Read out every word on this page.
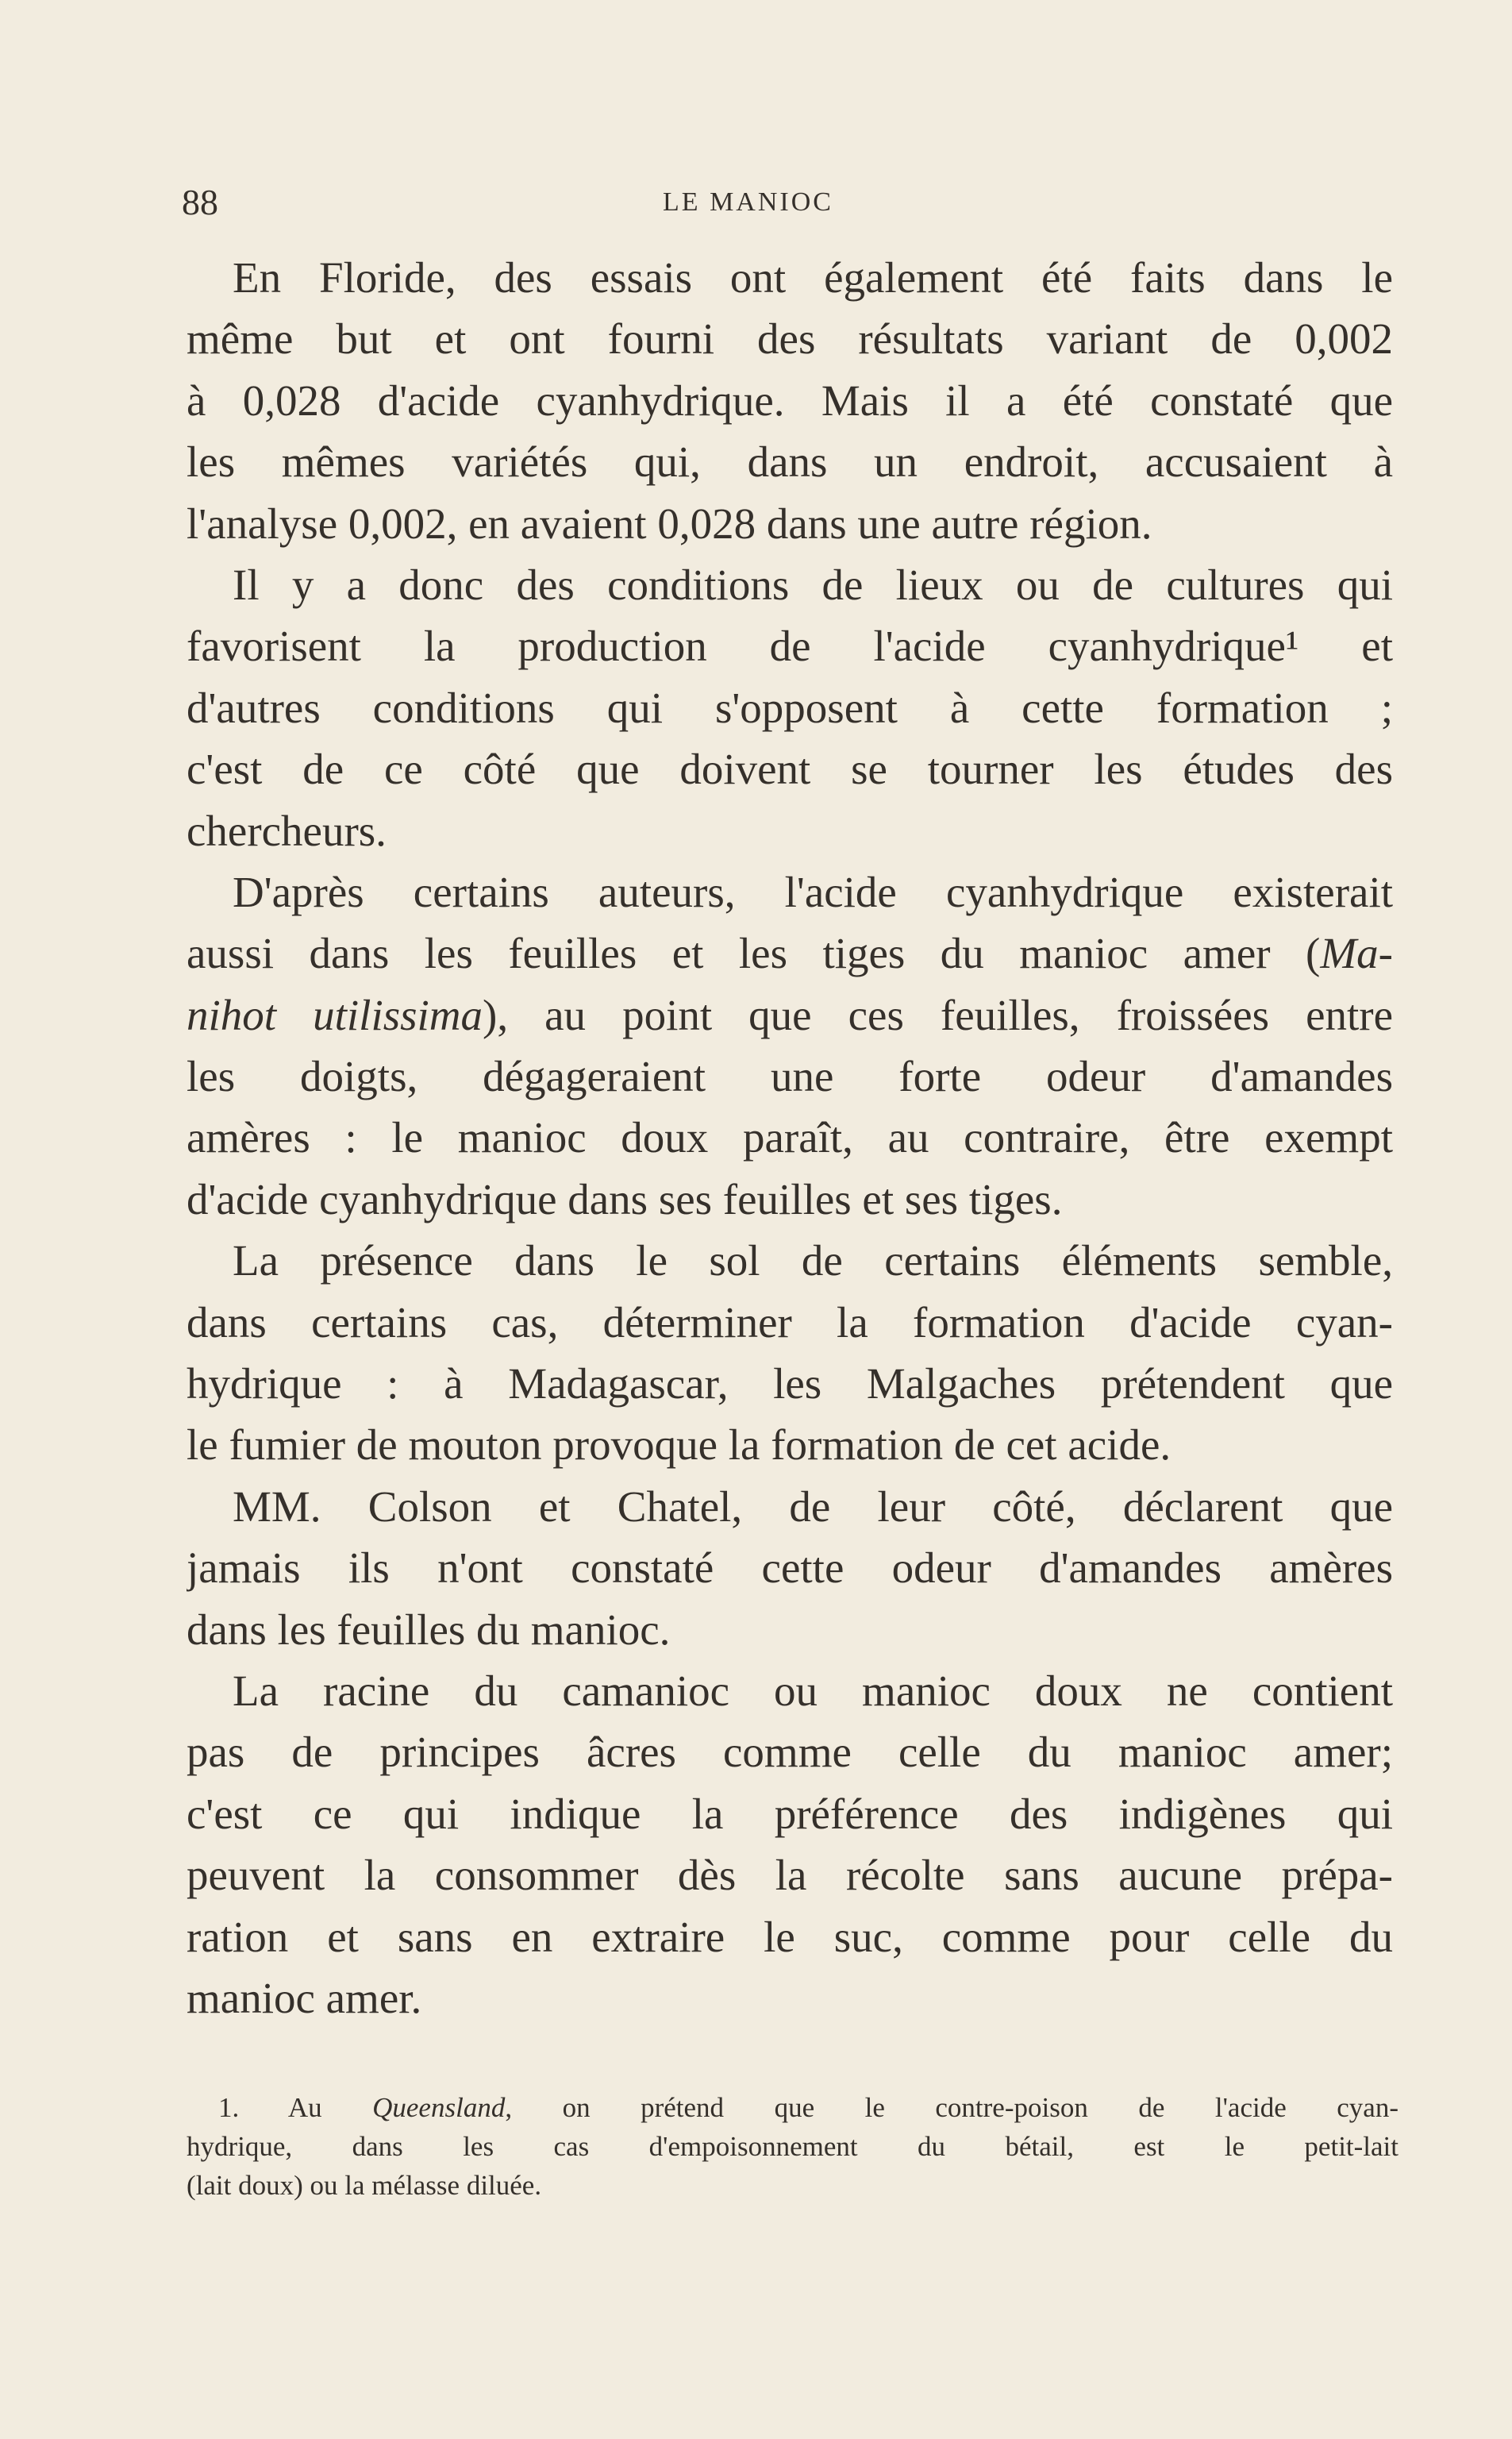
88	LE MANIOC
En Floride, des essais ont également été faits dans le
même but et ont fourni des résultats variant de 0,002
à 0,028 d'acide cyanhydrique. Mais il a été constaté que
les mêmes variétés qui, dans un endroit, accusaient à
l'analyse 0,002, en avaient 0,028 dans une autre région.
Il y a donc des conditions de lieux ou de cultures qui
favorisent la production de l'acide cyanhydrique¹ et
d'autres conditions qui s'opposent à cette formation ;
c'est de ce côté que doivent se tourner les études des
chercheurs.
D'après certains auteurs, l'acide cyanhydrique existerait
aussi dans les feuilles et les tiges du manioc amer (Ma-
nihot utilissima), au point que ces feuilles, froissées entre
les doigts, dégageraient une forte odeur d'amandes
amères : le manioc doux paraît, au contraire, être exempt
d'acide cyanhydrique dans ses feuilles et ses tiges.
La présence dans le sol de certains éléments semble,
dans certains cas, déterminer la formation d'acide cyan-
hydrique : à Madagascar, les Malgaches prétendent que
le fumier de mouton provoque la formation de cet acide.
MM. Colson et Chatel, de leur côté, déclarent que
jamais ils n'ont constaté cette odeur d'amandes amères
dans les feuilles du manioc.
La racine du camanioc ou manioc doux ne contient
pas de principes âcres comme celle du manioc amer;
c'est ce qui indique la préférence des indigènes qui
peuvent la consommer dès la récolte sans aucune prépa-
ration et sans en extraire le suc, comme pour celle du
manioc amer.
1. Au Queensland, on prétend que le contre-poison de l'acide cyan-
hydrique, dans les cas d'empoisonnement du bétail, est le petit-lait
(lait doux) ou la mélasse diluée.
